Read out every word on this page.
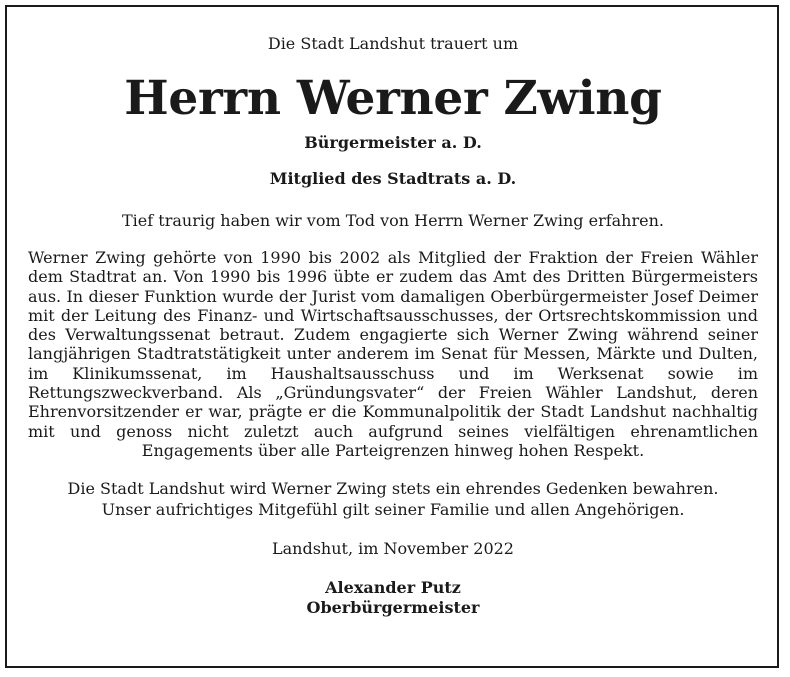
Die Stadt Landshut trauert um

Herrn Werner Zwing

Bürgermeister a. D.

Mitglied des Stadtrats a. D.

Tief traurig haben wir vom Tod von Herrn Werner Zwing erfahren.

Werner Zwing gehörte von 1990 bis 2002 als Mitglied der Fraktion der Freien Wähler dem Stadtrat an. Von 1990 bis 1996 übte er zudem das Amt des Dritten Bürgermeisters aus. In dieser Funktion wurde der Jurist vom damaligen Oberbürgermeister Josef Deimer mit der Leitung des Finanz- und Wirtschaftsausschusses, der Ortsrechtskommission und des Verwaltungssenat betraut. Zudem engagierte sich Werner Zwing während seiner langjährigen Stadtratstätigkeit unter anderem im Senat für Messen, Märkte und Dulten, im Klinikumssenat, im Haushaltsausschuss und im Werksenat sowie im Rettungszweckverband. Als „Gründungsvater“ der Freien Wähler Landshut, deren Ehrenvorsitzender er war, prägte er die Kommunalpolitik der Stadt Landshut nachhaltig mit und genoss nicht zuletzt auch aufgrund seines vielfältigen ehrenamtlichen Engagements über alle Parteigrenzen hinweg hohen Respekt.

Die Stadt Landshut wird Werner Zwing stets ein ehrendes Gedenken bewahren.
Unser aufrichtiges Mitgefühl gilt seiner Familie und allen Angehörigen.

Landshut, im November 2022

Alexander Putz
Oberbürgermeister
